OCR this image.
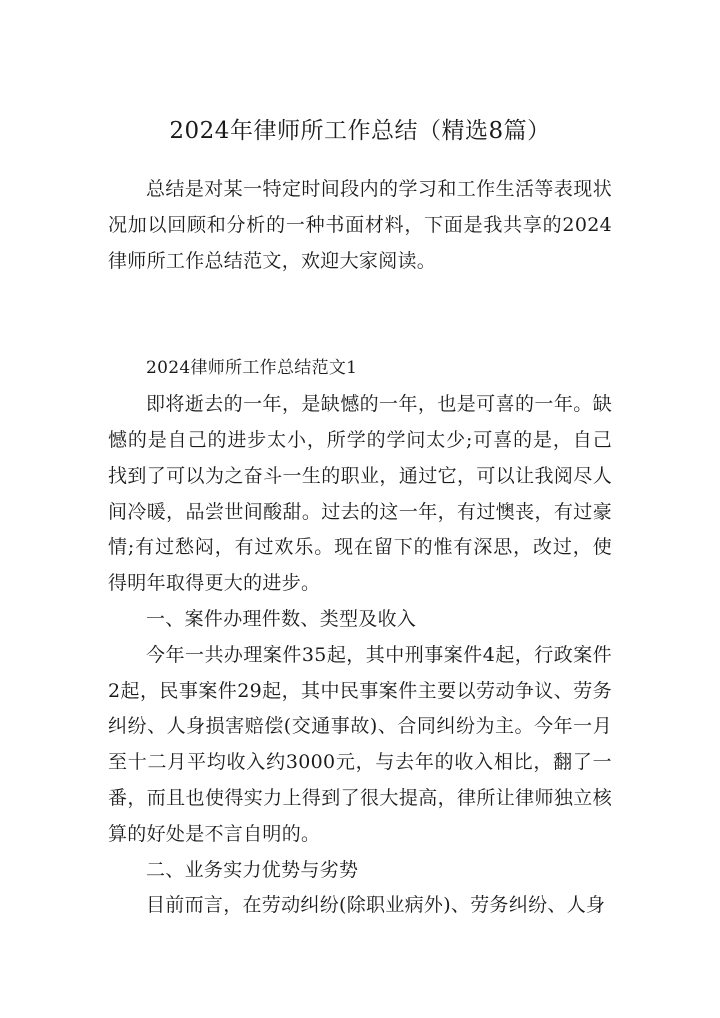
2024年律师所工作总结（精选8篇）

总结是对某一特定时间段内的学习和工作生活等表现状况加以回顾和分析的一种书面材料，下面是我共享的2024律师所工作总结范文，欢迎大家阅读。

2024律师所工作总结范文1

即将逝去的一年，是缺憾的一年，也是可喜的一年。缺憾的是自己的进步太小，所学的学问太少;可喜的是，自己找到了可以为之奋斗一生的职业，通过它，可以让我阅尽人间冷暖，品尝世间酸甜。过去的这一年，有过懊丧，有过豪情;有过愁闷，有过欢乐。现在留下的惟有深思，改过，使得明年取得更大的进步。

一、案件办理件数、类型及收入

今年一共办理案件35起，其中刑事案件4起，行政案件2起，民事案件29起，其中民事案件主要以劳动争议、劳务纠纷、人身损害赔偿(交通事故)、合同纠纷为主。今年一月至十二月平均收入约3000元，与去年的收入相比，翻了一番，而且也使得实力上得到了很大提高，律所让律师独立核算的好处是不言自明的。

二、业务实力优势与劣势

目前而言，在劳动纠纷(除职业病外)、劳务纠纷、人身
